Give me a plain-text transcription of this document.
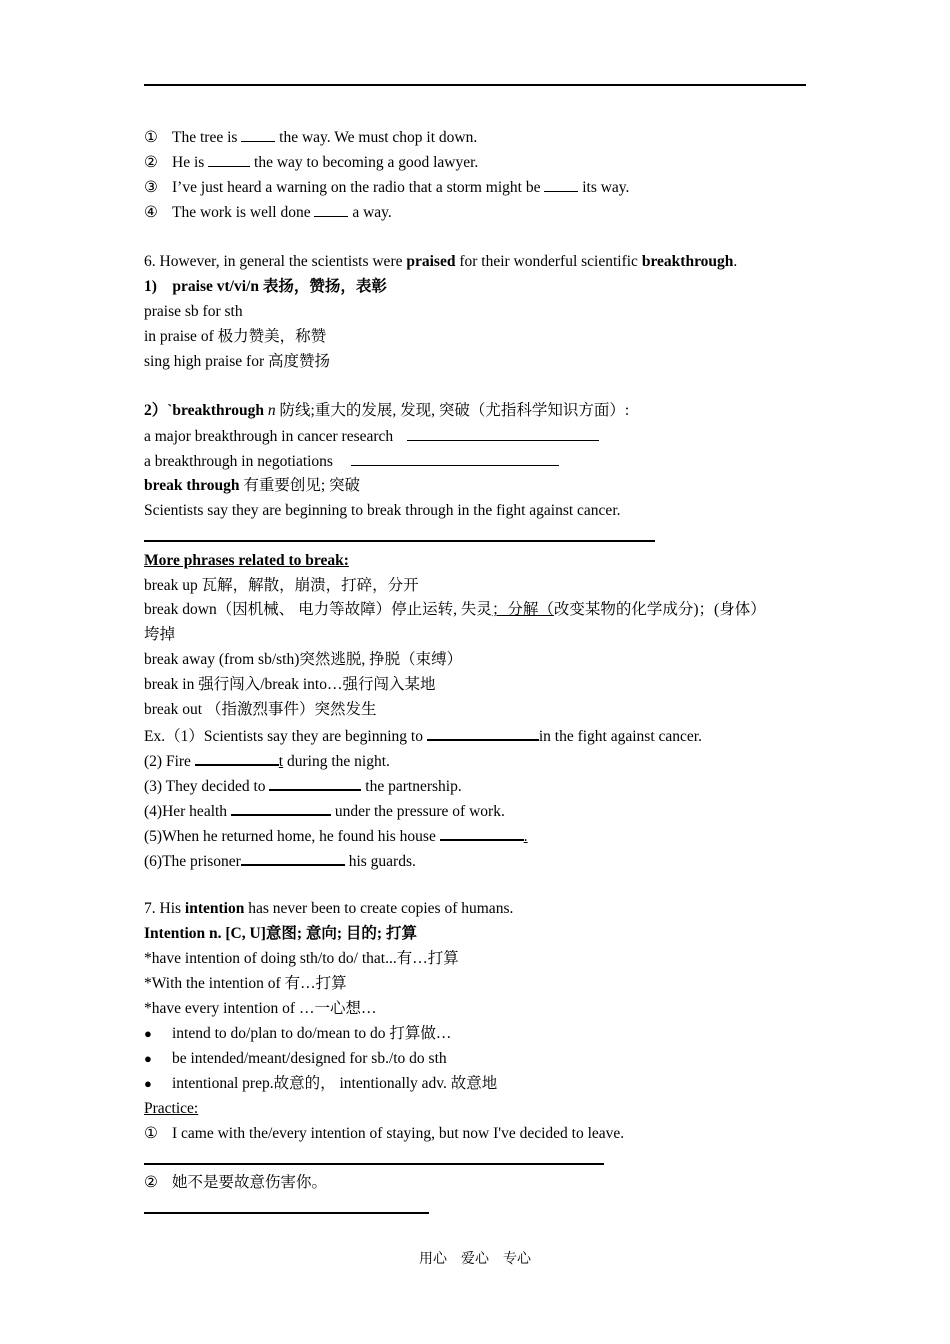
① The tree is  the way. We must chop it down.
② He is	the way to becoming a good lawyer.
③ I’ve just heard a warning on the radio that a storm might be  its way.
④ The work is well done  a way.
6. However, in general the scientists were praised for their wonderful scientific breakthrough.
1)　praise vt/vi/n 表扬，赞扬，表彰
praise sb for sth
in praise of 极力赞美，称赞
sing high praise for 高度赞扬
2）`breakthrough n 防线;重大的发展, 发现, 突破（尤指科学知识方面）:
a major breakthrough in cancer research
a breakthrough in negotiations
break through 有重要创见; 突破
Scientists say they are beginning to break through in the fight against cancer.
More phrases related to break:
break up 瓦解，解散，崩溃，打碎，分开
break down（因机械、 电力等故障）停止运转, 失灵；分解（改变某物的化学成分)；(身体）
垮掉
break away (from sb/sth)突然逃脱, 挣脱（束缚）
break in 强行闯入/break into…强行闯入某地
break out （指激烈事件）突然发生
Ex.（1）Scientists say they are beginning to	in the fight against cancer.
(2) Fire	t during the night.
(3) They decided to	the partnership.
(4)Her health	under the pressure of work.
(5)When he returned home, he found his house	.
(6)The prisoner	his guards.
7. His intention has never been to create copies of humans.
Intention n. [C, U]意图; 意向; 目的; 打算
*have intention of doing sth/to do/ that...有…打算
*With the intention of 有…打算
*have every intention of …一心想…
● intend to do/plan to do/mean to do 打算做…
● be intended/meant/designed for sb./to do sth
● intentional prep.故意的， intentionally adv. 故意地
Practice:
① I came with the/every intention of staying, but now I've decided to leave.
② 她不是要故意伤害你。
用心　爱心　专心
